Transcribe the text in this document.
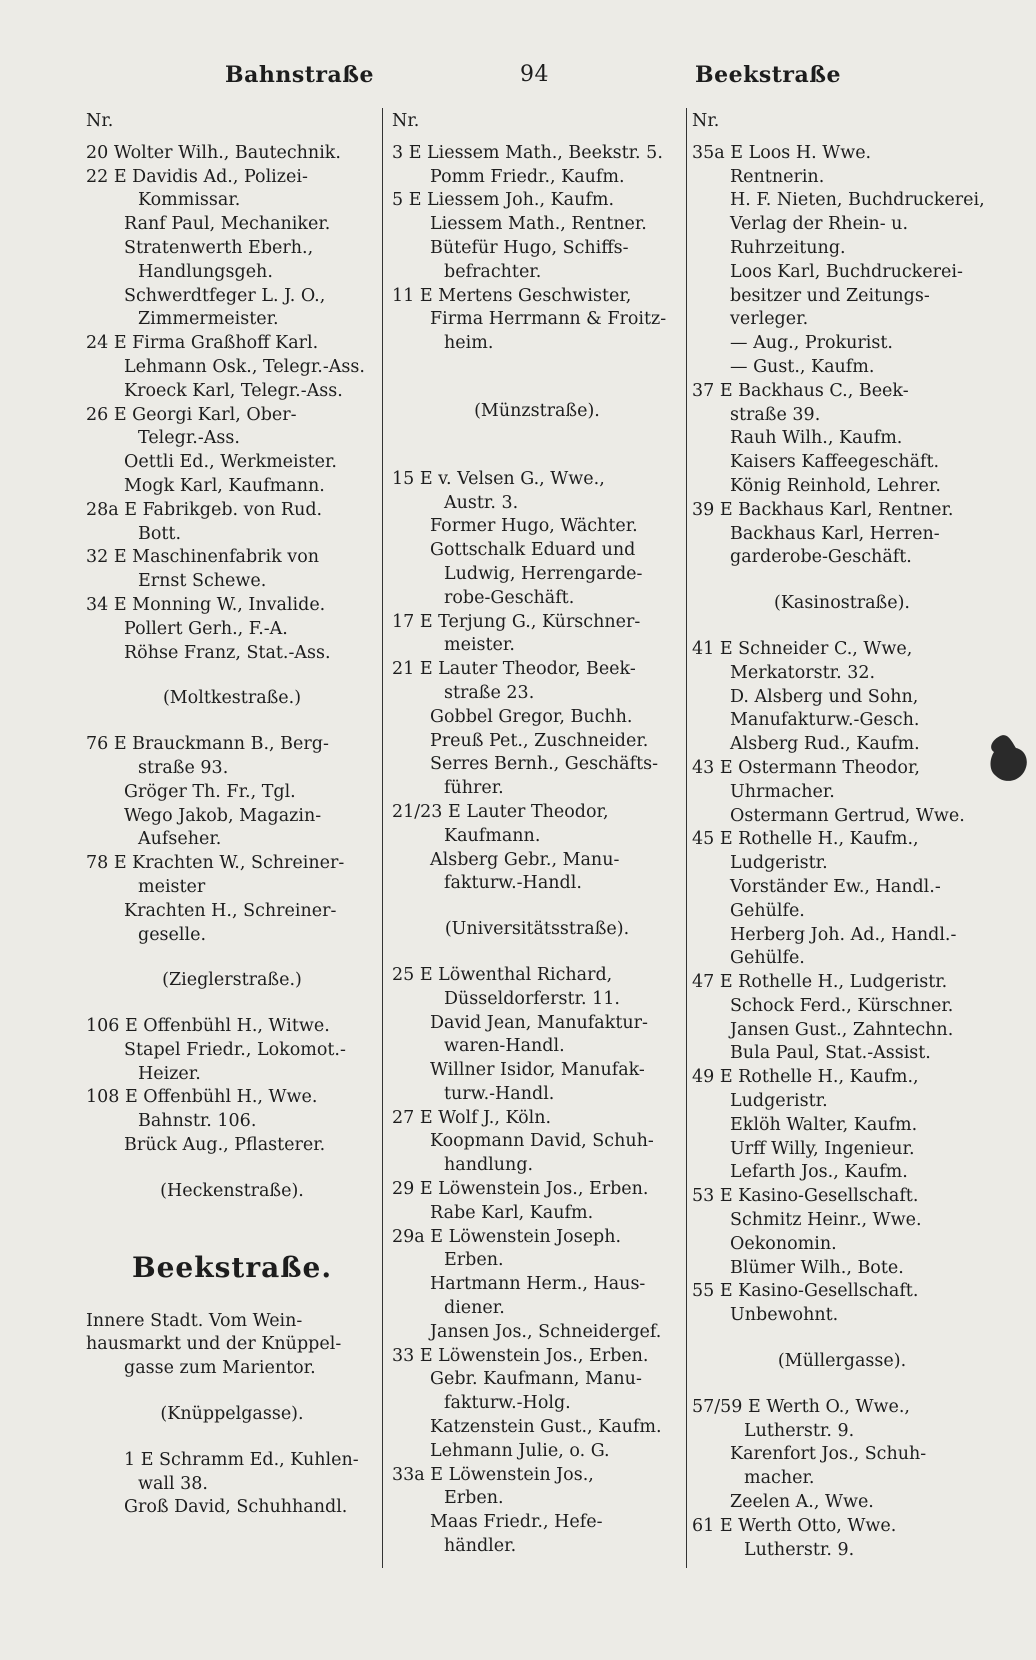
Bahnstraße	94	Beekstraße
Nr.
20 Wolter Wilh., Bautechnik.
22 E Davidis Ad., Polizei-
Kommissar.
Ranf Paul, Mechaniker.
Stratenwerth Eberh.,
Handlungsgeh.
Schwerdtfeger L. J. O.,
Zimmermeister.
24 E Firma Graßhoff Karl.
Lehmann Osk., Telegr.-Ass.
Kroeck Karl, Telegr.-Ass.
26 E Georgi Karl, Ober-
Telegr.-Ass.
Oettli Ed., Werkmeister.
Mogk Karl, Kaufmann.
28a E Fabrikgeb. von Rud.
Bott.
32 E Maschinenfabrik von
Ernst Schewe.
34 E Monning W., Invalide.
Pollert Gerh., F.-A.
Röhse Franz, Stat.-Ass.
(Moltkestraße.)
76 E Brauckmann B., Berg-
straße 93.
Gröger Th. Fr., Tgl.
Wego Jakob, Magazin-
Aufseher.
78 E Krachten W., Schreiner-
meister
Krachten H., Schreiner-
geselle.
(Zieglerstraße.)
106 E Offenbühl H., Witwe.
Stapel Friedr., Lokomot.-
Heizer.
108 E Offenbühl H., Wwe.
Bahnstr. 106.
Brück Aug., Pflasterer.
(Heckenstraße).
Beekstraße.
Innere Stadt. Vom Wein-
hausmarkt und der Knüppel-
gasse zum Marientor.
(Knüppelgasse).
1 E Schramm Ed., Kuhlen-
wall 38.
Groß David, Schuhhandl.
Nr.
3 E Liessem Math., Beekstr. 5.
Pomm Friedr., Kaufm.
5 E Liessem Joh., Kaufm.
Liessem Math., Rentner.
Bütefür Hugo, Schiffs-
befrachter.
11 E Mertens Geschwister,
Firma Herrmann & Froitz-
heim.
(Münzstraße).
15 E v. Velsen G., Wwe.,
Austr. 3.
Former Hugo, Wächter.
Gottschalk Eduard und
Ludwig, Herrengarde-
robe-Geschäft.
17 E Terjung G., Kürschner-
meister.
21 E Lauter Theodor, Beek-
straße 23.
Gobbel Gregor, Buchh.
Preuß Pet., Zuschneider.
Serres Bernh., Geschäfts-
führer.
21/23 E Lauter Theodor,
Kaufmann.
Alsberg Gebr., Manu-
fakturw.-Handl.
(Universitätsstraße).
25 E Löwenthal Richard,
Düsseldorferstr. 11.
David Jean, Manufaktur-
waren-Handl.
Willner Isidor, Manufak-
turw.-Handl.
27 E Wolf J., Köln.
Koopmann David, Schuh-
handlung.
29 E Löwenstein Jos., Erben.
Rabe Karl, Kaufm.
29a E Löwenstein Joseph.
Erben.
Hartmann Herm., Haus-
diener.
Jansen Jos., Schneidergef.
33 E Löwenstein Jos., Erben.
Gebr. Kaufmann, Manu-
fakturw.-Holg.
Katzenstein Gust., Kaufm.
Lehmann Julie, o. G.
33a E Löwenstein Jos.,
Erben.
Maas Friedr., Hefe-
händler.
Nr.
35a E Loos H. Wwe.
Rentnerin.
H. F. Nieten, Buchdruckerei,
Verlag der Rhein- u.
Ruhrzeitung.
Loos Karl, Buchdruckerei-
besitzer und Zeitungs-
verleger.
— Aug., Prokurist.
— Gust., Kaufm.
37 E Backhaus C., Beek-
straße 39.
Rauh Wilh., Kaufm.
Kaisers Kaffeegeschäft.
König Reinhold, Lehrer.
39 E Backhaus Karl, Rentner.
Backhaus Karl, Herren-
garderobe-Geschäft.
(Kasinostraße).
41 E Schneider C., Wwe,
Merkatorstr. 32.
D. Alsberg und Sohn,
Manufakturw.-Gesch.
Alsberg Rud., Kaufm.
43 E Ostermann Theodor,
Uhrmacher.
Ostermann Gertrud, Wwe.
45 E Rothelle H., Kaufm.,
Ludgeristr.
Vorständer Ew., Handl.-
Gehülfe.
Herberg Joh. Ad., Handl.-
Gehülfe.
47 E Rothelle H., Ludgeristr.
Schock Ferd., Kürschner.
Jansen Gust., Zahntechn.
Bula Paul, Stat.-Assist.
49 E Rothelle H., Kaufm.,
Ludgeristr.
Eklöh Walter, Kaufm.
Urff Willy, Ingenieur.
Lefarth Jos., Kaufm.
53 E Kasino-Gesellschaft.
Schmitz Heinr., Wwe.
Oekonomin.
Blümer Wilh., Bote.
55 E Kasino-Gesellschaft.
Unbewohnt.
(Müllergasse).
57/59 E Werth O., Wwe.,
Lutherstr. 9.
Karenfort Jos., Schuh-
macher.
Zeelen A., Wwe.
61 E Werth Otto, Wwe.
Lutherstr. 9.
